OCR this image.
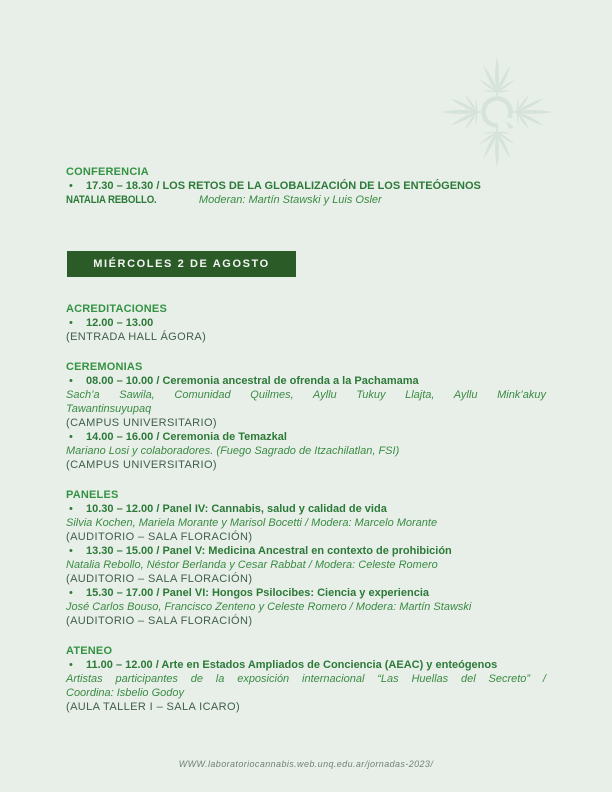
CONFERENCIA
• 17.30 – 18.30 / LOS RETOS DE LA GLOBALIZACIÓN DE LOS ENTEÓGENOS
NATALIA REBOLLO.	Moderan: Martín Stawski y Luis Osler
MIÉRCOLES 2 DE AGOSTO
ACREDITACIONES
• 12.00 – 13.00
(ENTRADA HALL ÁGORA)
CEREMONIAS
• 08.00 – 10.00 / Ceremonia ancestral de ofrenda a la Pachamama
Sach’a Sawila, Comunidad Quilmes, Ayllu Tukuy Llajta, Ayllu Mink’akuy
Tawantinsuyupaq
(CAMPUS UNIVERSITARIO)
• 14.00 – 16.00 / Ceremonia de Temazkal
Mariano Losi y colaboradores. (Fuego Sagrado de Itzachilatlan, FSI)
(CAMPUS UNIVERSITARIO)
PANELES
• 10.30 – 12.00 / Panel IV: Cannabis, salud y calidad de vida
Silvia Kochen, Mariela Morante y Marisol Bocetti / Modera: Marcelo Morante
(AUDITORIO – SALA FLORACIÓN)
• 13.30 – 15.00 / Panel V: Medicina Ancestral en contexto de prohibición
Natalia Rebollo, Néstor Berlanda y Cesar Rabbat / Modera: Celeste Romero
(AUDITORIO – SALA FLORACIÓN)
• 15.30 – 17.00 / Panel VI: Hongos Psilocibes: Ciencia y experiencia
José Carlos Bouso, Francisco Zenteno y Celeste Romero / Modera: Martín Stawski
(AUDITORIO – SALA FLORACIÓN)
ATENEO
• 11.00 – 12.00 / Arte en Estados Ampliados de Conciencia (AEAC) y enteógenos
Artistas participantes de la exposición internacional “Las Huellas del Secreto” /
Coordina: Isbelio Godoy
(AULA TALLER I – SALA ICARO)
WWW.laboratoriocannabis.web.unq.edu.ar/jornadas-2023/
